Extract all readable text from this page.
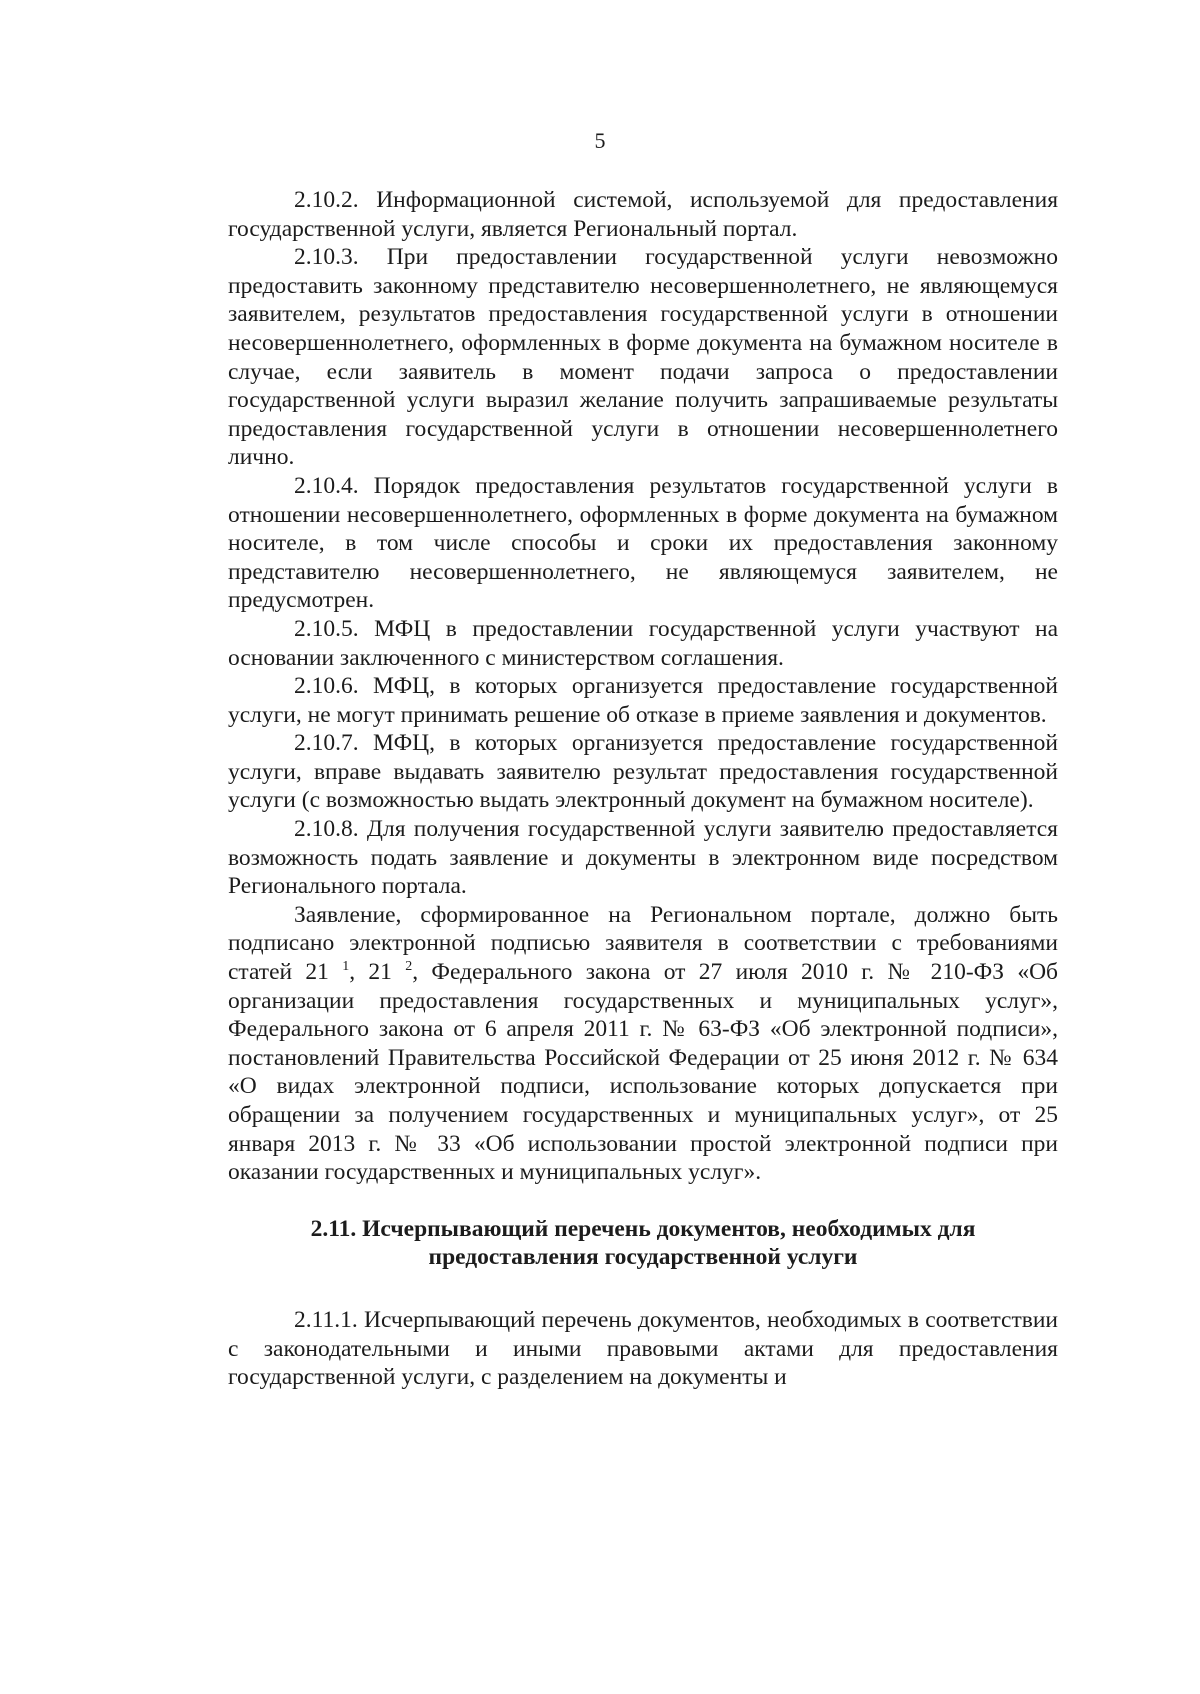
5

2.10.2. Информационной системой, используемой для предоставления государственной услуги, является Региональный портал.

2.10.3. При предоставлении государственной услуги невозможно предоставить законному представителю несовершеннолетнего, не являющемуся заявителем, результатов предоставления государственной услуги в отношении несовершеннолетнего, оформленных в форме документа на бумажном носителе в случае, если заявитель в момент подачи запроса о предоставлении государственной услуги выразил желание получить запрашиваемые результаты предоставления государственной услуги в отношении несовершеннолетнего лично.

2.10.4. Порядок предоставления результатов государственной услуги в отношении несовершеннолетнего, оформленных в форме документа на бумажном носителе, в том числе способы и сроки их предоставления законному представителю несовершеннолетнего, не являющемуся заявителем, не предусмотрен.

2.10.5. МФЦ в предоставлении государственной услуги участвуют на основании заключенного с министерством соглашения.

2.10.6. МФЦ, в которых организуется предоставление государственной услуги, не могут принимать решение об отказе в приеме заявления и документов.

2.10.7. МФЦ, в которых организуется предоставление государственной услуги, вправе выдавать заявителю результат предоставления государственной услуги (с возможностью выдать электронный документ на бумажном носителе).

2.10.8. Для получения государственной услуги заявителю предоставляется возможность подать заявление и документы в электронном виде посредством Регионального портала.

Заявление, сформированное на Региональном портале, должно быть подписано электронной подписью заявителя в соответствии с требованиями статей 21 $^1$, 21 $^2$, Федерального закона от 27 июля 2010 г. № 210-ФЗ «Об организации предоставления государственных и муниципальных услуг», Федерального закона от 6 апреля 2011 г. № 63-ФЗ «Об электронной подписи», постановлений Правительства Российской Федерации от 25 июня 2012 г. № 634 «О видах электронной подписи, использование которых допускается при обращении за получением государственных и муниципальных услуг», от 25 января 2013 г. № 33 «Об использовании простой электронной подписи при оказании государственных и муниципальных услуг».

2.11. Исчерпывающий перечень документов, необходимых для предоставления государственной услуги

2.11.1. Исчерпывающий перечень документов, необходимых в соответствии с законодательными и иными правовыми актами для предоставления государственной услуги, с разделением на документы и
